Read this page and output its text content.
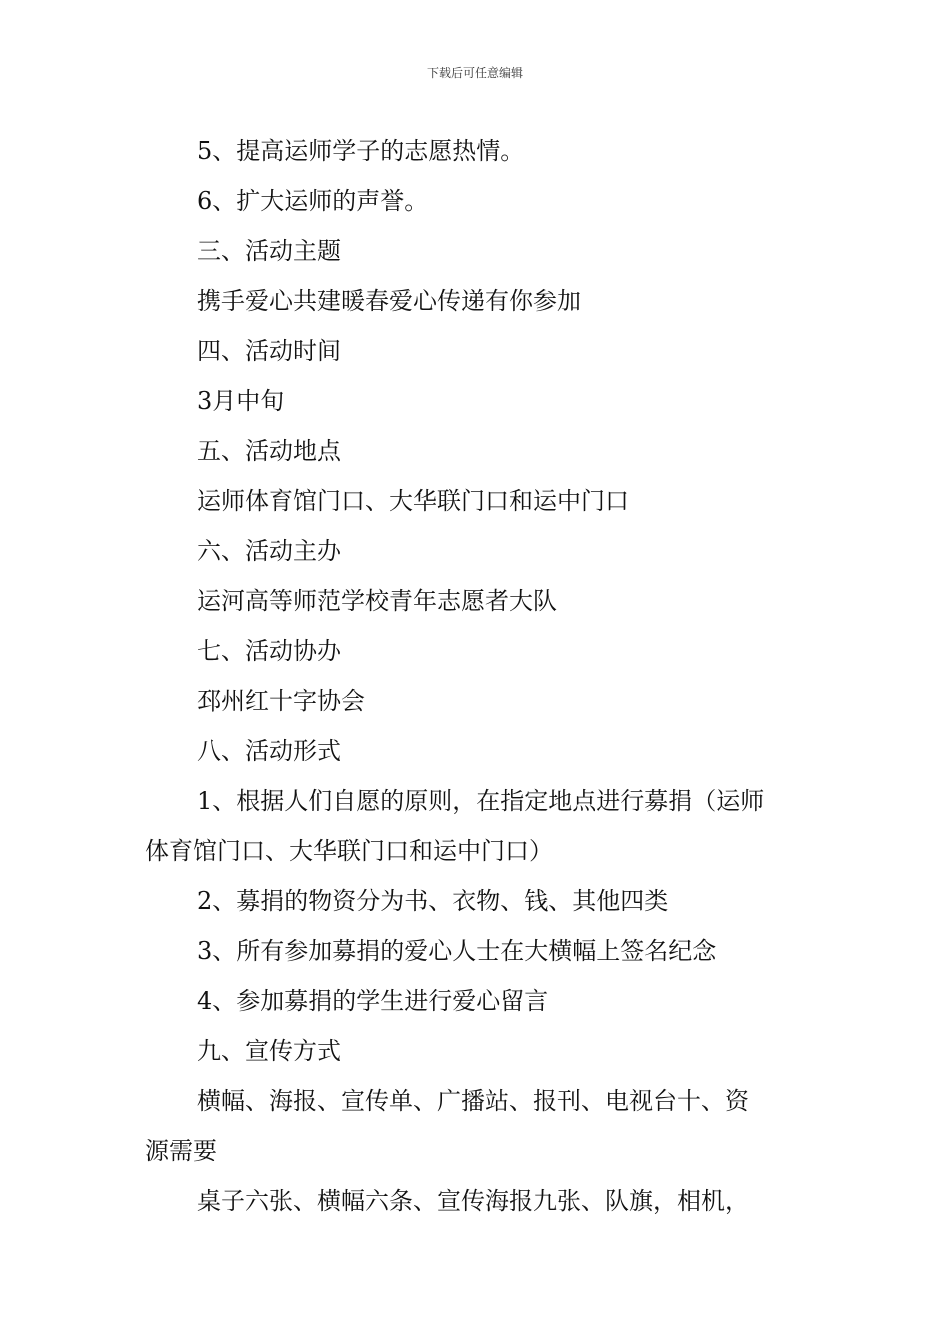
下载后可任意编辑
5、提高运师学子的志愿热情。
6、扩大运师的声誉。
三、活动主题
携手爱心共建暖春爱心传递有你参加
四、活动时间
3月中旬
五、活动地点
运师体育馆门口、大华联门口和运中门口
六、活动主办
运河高等师范学校青年志愿者大队
七、活动协办
邳州红十字协会
八、活动形式
1、根据人们自愿的原则，在指定地点进行募捐（运师
体育馆门口、大华联门口和运中门口）
2、募捐的物资分为书、衣物、钱、其他四类
3、所有参加募捐的爱心人士在大横幅上签名纪念
4、参加募捐的学生进行爱心留言
九、宣传方式
横幅、海报、宣传单、广播站、报刊、电视台十、资
源需要
桌子六张、横幅六条、宣传海报九张、队旗，相机，
